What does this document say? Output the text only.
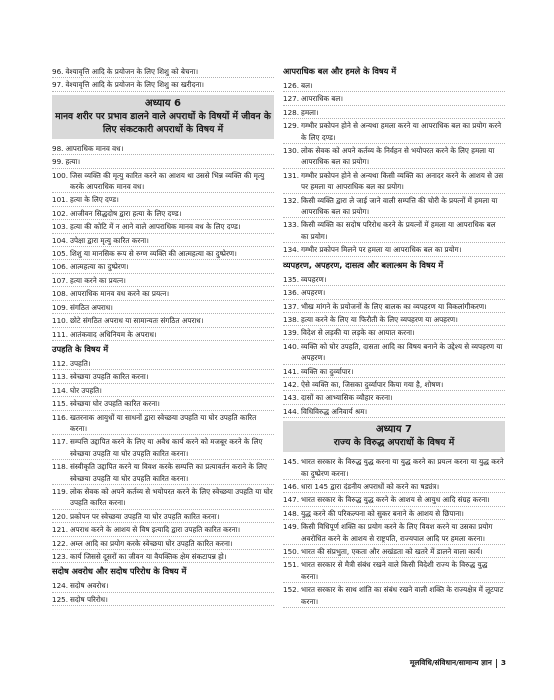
96. वेश्यावृत्ति आदि के प्रयोजन के लिए शिशु को बेचना।
97. वेश्यावृत्ति आदि के प्रयोजन के लिए शिशु का खरीदना।
अध्याय 6
मानव शरीर पर प्रभाव डालने वाले अपराधों के विषयों में जीवन के लिए संकटकारी अपराधों के विषय में
98. आपराधिक मानव वध।
99. हत्या।
100. जिस व्यक्ति की मृत्यु कारित करने का आशय था उससे भिन्न व्यक्ति की मृत्यु करके आपराधिक मानव वध।
101. हत्या के लिए दण्ड।
102. आजीवन सिद्धदोष द्वारा हत्या के लिए दण्ड।
103. हत्या की कोटि में न आने वाले आपराधिक मानव वध के लिए दण्ड।
104. उपेक्षा द्वारा मृत्यु कारित करना।
105. शिशु या मानसिक रूप से रुग्ण व्यक्ति की आत्महत्या का दुष्प्रेरण।
106. आत्महत्या का दुष्प्रेरण।
107. हत्या करने का प्रयत्न।
108. आपराधिक मानव वध करने का प्रयत्न।
109. संगठित अपराध।
110. छोटे संगठित अपराध या सामान्यतः संगठित अपराध।
111. आतंकवाद अधिनियम के अपराध।
उपहति के विषय में
112. उपहति।
113. स्वेच्छया उपहति कारित करना।
114. घोर उपहति।
115. स्वेच्छया घोर उपहति कारित करना।
116. खतरनाक आयुधों या साधनों द्वारा स्वेच्छया उपहति या घोर उपहति कारित करना।
117. सम्पत्ति उद्दापित करने के लिए या अवैध कार्य करने को मजबूर करने के लिए स्वेच्छया उपहति या घोर उपहति कारित करना।
118. संस्वीकृति उद्दापित करने या विवश करके सम्पत्ति का प्रत्यावर्तन कराने के लिए स्वेच्छया उपहति या घोर उपहति कारित करना।
119. लोक सेवक को अपने कर्तव्य से भयोपरत करने के लिए स्वेच्छया उपहति या घोर उपहति कारित करना।
120. प्रकोपन पर स्वेच्छया उपहति या घोर उपहति कारित करना।
121. अपराध करने के आशय से विष इत्यादि द्वारा उपहति कारित करना।
122. अम्ल आदि का प्रयोग करके स्वेच्छया घोर उपहति कारित करना।
123. कार्य जिससे दूसरों का जीवन या वैयक्तिक क्षेम संकटापन्न हो।
सदोष अवरोध और सदोष परिरोध के विषय में
124. सदोष अवरोध।
125. सदोष परिरोध।
आपराधिक बल और हमले के विषय में
126. बल।
127. आपराधिक बल।
128. हमला।
129. गम्भीर प्रकोपन होने से अन्यथा हमला करने या आपराधिक बल का प्रयोग करने के लिए दण्ड।
130. लोक सेवक को अपने कर्तव्य के निर्वहन से भयोपरत करने के लिए हमला या आपराधिक बल का प्रयोग।
131. गम्भीर प्रकोपन होने से अन्यथा किसी व्यक्ति का अनादर करने के आशय से उस पर हमला या आपराधिक बल का प्रयोग।
132. किसी व्यक्ति द्वारा ले जाई जाने वाली सम्पत्ति की चोरी के प्रयत्नों में हमला या आपराधिक बल का प्रयोग।
133. किसी व्यक्ति का सदोष परिरोध करने के प्रयत्नों में हमला या आपराधिक बल का प्रयोग।
134. गम्भीर प्रकोपन मिलने पर हमला या आपराधिक बल का प्रयोग।
व्यपहरण, अपहरण, दासत्व और बलात्श्रम के विषय में
135. व्यपहरण।
136. अपहरण।
137. भीख मांगने के प्रयोजनों के लिए बालक का व्यपहरण या विकलांगीकरण।
138. हत्या करने के लिए या फिरौती के लिए व्यपहरण या अपहरण।
139. विदेश से लड़की या लड़के का आयात करना।
140. व्यक्ति को घोर उपहति, दासता आदि का विषय बनाने के उद्देश्य से व्यपहरण या अपहरण।
141. व्यक्ति का दुर्व्यापार।
142. ऐसे व्यक्ति का, जिसका दुर्व्यापार किया गया है, शोषण।
143. दासों का आभ्यासिक व्यौहार करना।
144. विधिविरुद्ध अनिवार्य श्रम।
अध्याय 7
राज्य के विरुद्ध अपराधों के विषय में
145. भारत सरकार के विरुद्ध युद्ध करना या युद्ध करने का प्रयत्न करना या युद्ध करने का दुष्प्रेरण करना।
146. धारा 145 द्वारा दंडनीय अपराधों को करने का षड्यंत्र।
147. भारत सरकार के विरुद्ध युद्ध करने के आशय से आयुध आदि संग्रह करना।
148. युद्ध करने की परिकल्पना को सुकर बनाने के आशय से छिपाना।
149. किसी विधिपूर्ण शक्ति का प्रयोग करने के लिए विवश करने या उसका प्रयोग अवरोधित करने के आशय से राष्ट्रपति, राज्यपाल आदि पर हमला करना।
150. भारत की संप्रभुता, एकता और अखंडता को खतरे में डालने वाला कार्य।
151. भारत सरकार से मैत्री संबंध रखने वाले किसी विदेशी राज्य के विरुद्ध युद्ध करना।
152. भारत सरकार के साथ शांति का संबंध रखने वाली शक्ति के राज्यक्षेत्र में लूटपाट करना।
मूलविधि/संविधान/सामान्य ज्ञान 3
